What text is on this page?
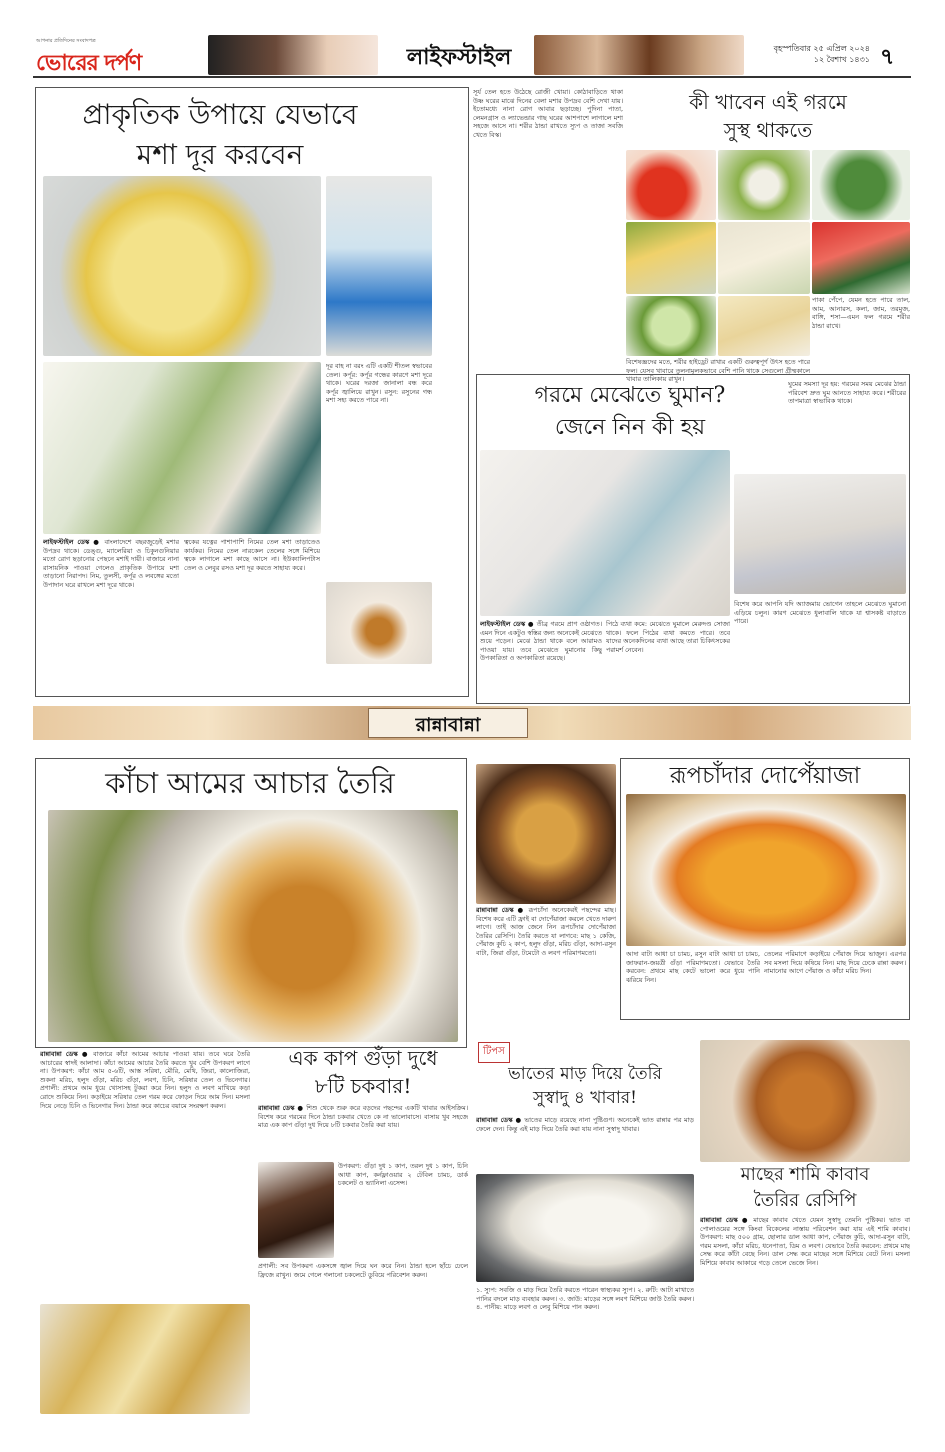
আপনার প্রতিদিনের সংবাদপত্র
ভোরের দর্পণ	লাইফস্টাইল	বৃহস্পতিবার ২৫ এপ্রিল ২০২৪
১২ বৈশাখ ১৪৩১ ৭
প্রাকৃতিক উপায়ে যেভাবে
মশা দূর করবেন
দূর বাহ না বরং এটি একটি শীতল স্বভাবের তেল। কর্পূর: কর্পূর গন্ধের কারণে মশা দূরে থাকে। ঘরের দরজা জানালা বন্ধ করে কর্পূর জ্বালিয়ে রাখুন। রসুন: রসুনের গন্ধ মশা সহ্য করতে পারে না।
লাইফস্টাইল ডেস্ক ● বাংলাদেশে বছরজুড়েই মশার উপদ্রব থাকে। ডেঙ্গু, ম্যালেরিয়া ও চিকুনগুনিয়ার মতো রোগ ছড়ানোর পেছনে মশাই দায়ী। বাজারে নানা রাসায়নিক পাওয়া গেলেও প্রাকৃতিক উপায়ে মশা তাড়ানো নিরাপদ। নিম, তুলসী, কর্পূর ও লবঙ্গের মতো উপাদান ঘরে রাখলে মশা দূরে থাকে।
ত্বকের যত্নের পাশাপাশি নিমের তেল মশা তাড়াতেও কার্যকর। নিমের তেল নারকেল তেলের সঙ্গে মিশিয়ে ত্বকে লাগালে মশা কাছে আসে না। ইউক্যালিপটাস তেল ও লেবুর রসও মশা দূর করতে সাহায্য করে।
সূর্য তেল হতে উঠেছে রোজী খোয়া। কোঠাবাড়িতে থাকা উষ্ণ ঘরের মাঝে দিনের বেলা মশার উপদ্রব বেশি দেখা যায়। ইতোমধ্যে নানা রোগ আবার ছড়াচ্ছে। পুদিনা পাতা, লেমনগ্রাস ও ল্যাভেন্ডার গাছ ঘরের আশপাশে লাগালে মশা সহজে আসে না। শরীর ঠান্ডা রাখতে স্যুপ ও তাজা সবজি খেতে বিস্ক।
কী খাবেন এই গরমে
সুস্থ থাকতে
বিশেষজ্ঞদের মতে, শরীর হাইড্রেট রাখার একটি গুরুত্বপূর্ণ উৎস হতে পারে ফল। যেসব খাবারে তুলনামূলকভাবে বেশি পানি থাকে সেগুলো গ্রীষ্মকালে খাবার তালিকায় রাখুন।
পাকা পেঁপে, যেমন হতে পারে তাল, আম, আনারস, কলা, জাম, তরমুজ, বাঙ্গি, শসা—এমন ফল গরমে শরীর ঠান্ডা রাখে।
গরমে মেঝেতে ঘুমান?
জেনে নিন কী হয়
ঘুমের সমস্যা দূর হয়: গরমের সময় মেঝের ঠান্ডা পরিবেশ দ্রুত ঘুম আনতে সাহায্য করে। শরীরের তাপমাত্রা স্বাভাবিক থাকে।
লাইফস্টাইল ডেস্ক ● তীব্র গরমে প্রাণ ওষ্ঠাগত। এমন দিনে একটুও স্বস্তির জন্য অনেকেই মেঝেতে শুয়ে পড়েন। মেঝে ঠান্ডা থাকে বলে আরামও পাওয়া যায়। তবে মেঝেতে ঘুমানোর কিছু উপকারিতা ও অপকারিতা রয়েছে।
পিঠে ব্যথা কমে: মেঝেতে ঘুমালে মেরুদণ্ড সোজা থাকে। ফলে পিঠের ব্যথা কমতে পারে। তবে যাদের অনেকদিনের ব্যথা আছে তারা চিকিৎসকের পরামর্শ নেবেন।
বিশেষ করে আপনি যদি অ্যাজমায় ভোগেন তাহলে মেঝেতে ঘুমানো এড়িয়ে চলুন। কারণ মেঝেতে ধুলাবালি থাকে যা শ্বাসকষ্ট বাড়াতে পারে।
রান্নাবান্না
কাঁচা আমের আচার তৈরি
রান্নাবান্না ডেস্ক ● বাজারে কাঁচা আমের আচার পাওয়া যায়। তবে ঘরে তৈরি আচারের স্বাদই আলাদা। কাঁচা আমের আচার তৈরি করতে খুব বেশি উপকরণ লাগে না। উপকরণ: কাঁচা আম ৫-৬টি, আস্ত সরিষা, মৌরি, মেথি, জিরা, কালোজিরা, শুকনা মরিচ, হলুদ গুঁড়া, মরিচ গুঁড়া, লবণ, চিনি, সরিষার তেল ও ভিনেগার। প্রণালী: প্রথমে আম ধুয়ে খোসাসহ টুকরা করে নিন। হলুদ ও লবণ মাখিয়ে কড়া রোদে শুকিয়ে নিন। কড়াইয়ে সরিষার তেল গরম করে ফোড়ন দিয়ে আম দিন। মসলা দিয়ে নেড়ে চিনি ও ভিনেগার দিন। ঠান্ডা করে কাচের বয়ামে সংরক্ষণ করুন।
এক কাপ গুঁড়া দুধে
৮টি চকবার!
রান্নাবান্না ডেস্ক ● শিশু থেকে শুরু করে বড়দের পছন্দের একটি খাবার আইসক্রিম। বিশেষ করে গরমের দিনে ঠান্ডা চকবার খেতে কে না ভালোবাসে। বাসায় খুব সহজে মাত্র এক কাপ গুঁড়া দুধ দিয়ে ৮টি চকবার তৈরি করা যায়।
উপকরণ: গুঁড়া দুধ ১ কাপ, তরল দুধ ১ কাপ, চিনি আধা কাপ, কর্নফ্লাওয়ার ২ টেবিল চামচ, ডার্ক চকলেট ও ভ্যানিলা এসেন্স।
প্রণালী: সব উপকরণ একসঙ্গে জ্বাল দিয়ে ঘন করে নিন। ঠান্ডা হলে ছাঁচে ঢেলে ফ্রিজে রাখুন। জমে গেলে গলানো চকলেটে ডুবিয়ে পরিবেশন করুন।
রূপচাঁদার দোপেঁয়াজা
রান্নাবান্না ডেস্ক ● রূপচাঁদা অনেকেরই পছন্দের মাছ। বিশেষ করে এটি ফ্রাই বা দোপেঁয়াজা করলে খেতে দারুণ লাগে। তাই আজ জেনে নিন রূপচাঁদার দোপেঁয়াজা তৈরির রেসিপি। তৈরি করতে যা লাগবে: মাছ ১ কেজি, পেঁয়াজ কুচি ২ কাপ, হলুদ গুঁড়া, মরিচ গুঁড়া, আদা-রসুন বাটা, জিরা গুঁড়া, টমেটো ও লবণ পরিমাণমতো।	আদা বাটা আধা চা চামচ, রসুন বাটা আধা চা চামচ, জাফরান-জয়ত্রী গুঁড়া পরিমাণমতো। যেভাবে তৈরি করবেন: প্রথমে মাছ কেটে ভালো করে ধুয়ে পানি ঝরিয়ে নিন।
তেলের পরিমাণে কড়াইয়ে পেঁয়াজ দিয়ে ভাজুন। এরপর সব মসলা দিয়ে কষিয়ে নিন। মাছ দিয়ে ঢেকে রান্না করুন। নামানোর আগে পেঁয়াজ ও কাঁচা মরিচ দিন।
টিপস
ভাতের মাড় দিয়ে তৈরি
সুস্বাদু ৪ খাবার!
রান্নাবান্না ডেস্ক ● ভাতের মাড়ে রয়েছে নানা পুষ্টিগুণ। অনেকেই ভাত রান্নার পর মাড় ফেলে দেন। কিন্তু এই মাড় দিয়ে তৈরি করা যায় নানা সুস্বাদু খাবার।
১. স্যুপ: সবজি ও মাড় দিয়ে তৈরি করতে পারেন স্বাস্থ্যকর স্যুপ। ২. রুটি: আটা মাখাতে পানির বদলে মাড় ব্যবহার করুন। ৩. জাউ: মাড়ের সঙ্গে লবণ মিশিয়ে জাউ তৈরি করুন। ৪. পানীয়: মাড়ে লবণ ও লেবু মিশিয়ে পান করুন।
মাছের শামি কাবাব
তৈরির রেসিপি
রান্নাবান্না ডেস্ক ● মাছের কাবাব খেতে যেমন সুস্বাদু তেমনি পুষ্টিকর। ভাত বা পোলাওয়ের সঙ্গে কিংবা বিকেলের নাস্তায় পরিবেশন করা যায় এই শামি কাবাব। উপকরণ: মাছ ৫০০ গ্রাম, ছোলার ডাল আধা কাপ, পেঁয়াজ কুচি, আদা-রসুন বাটা, গরম মসলা, কাঁচা মরিচ, ধনেপাতা, ডিম ও লবণ। যেভাবে তৈরি করবেন: প্রথমে মাছ সেদ্ধ করে কাঁটা বেছে নিন। ডাল সেদ্ধ করে মাছের সঙ্গে মিশিয়ে বেটে নিন। মসলা মিশিয়ে কাবাব আকারে গড়ে তেলে ভেজে নিন।
